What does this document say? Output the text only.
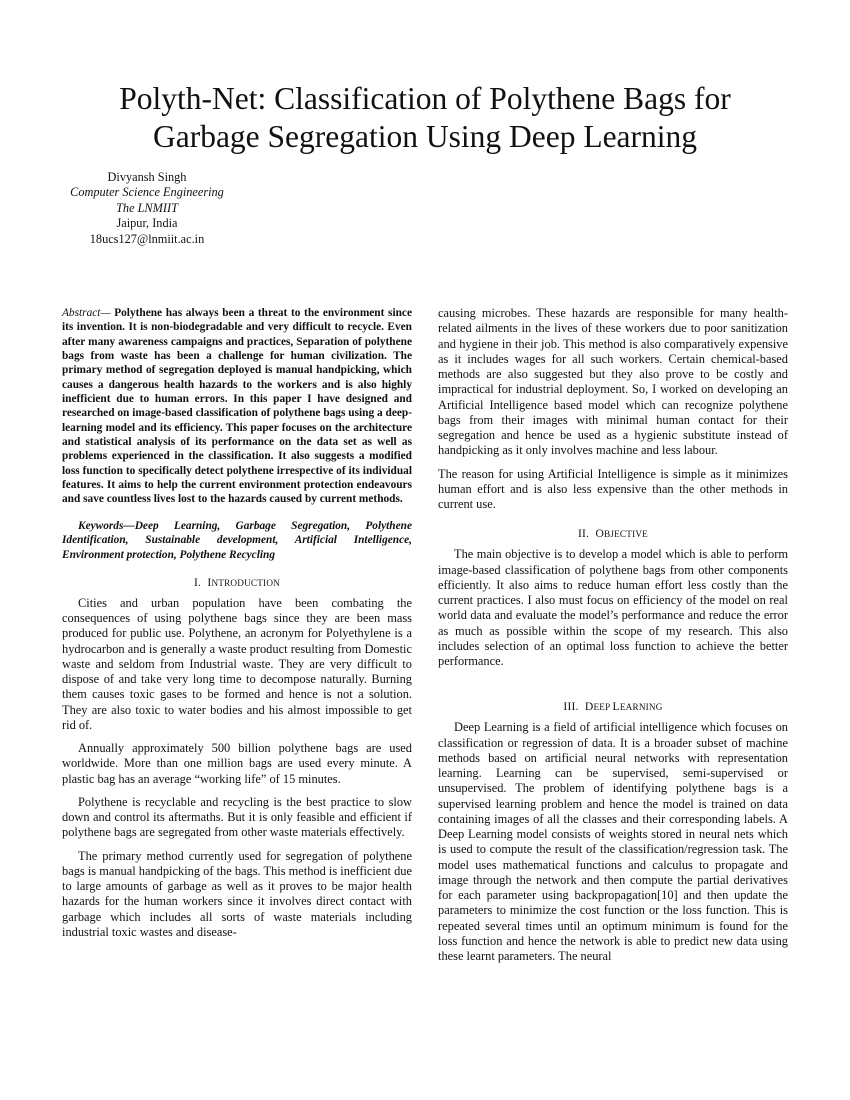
Polyth-Net: Classification of Polythene Bags for
Garbage Segregation Using Deep Learning
Divyansh Singh
Computer Science Engineering
The LNMIIT
Jaipur, India
18ucs127@lnmiit.ac.in

Abstract— Polythene has always been a threat to the environment since its invention. It is non-biodegradable and very difficult to recycle. Even after many awareness campaigns and practices, Separation of polythene bags from waste has been a challenge for human civilization. The primary method of segregation deployed is manual handpicking, which causes a dangerous health hazards to the workers and is also highly inefficient due to human errors. In this paper I have designed and researched on image-based classification of polythene bags using a deep-learning model and its efficiency. This paper focuses on the architecture and statistical analysis of its performance on the data set as well as problems experienced in the classification. It also suggests a modified loss function to specifically detect polythene irrespective of its individual features. It aims to help the current environment protection endeavours and save countless lives lost to the hazards caused by current methods.

Keywords—Deep Learning, Garbage Segregation, Polythene Identification, Sustainable development, Artificial Intelligence, Environment protection, Polythene Recycling

I. INTRODUCTION

Cities and urban population have been combating the consequences of using polythene bags since they are been mass produced for public use. Polythene, an acronym for Polyethylene is a hydrocarbon and is generally a waste product resulting from Domestic waste and seldom from Industrial waste. They are very difficult to dispose of and take very long time to decompose naturally. Burning them causes toxic gases to be formed and hence is not a solution. They are also toxic to water bodies and his almost impossible to get rid of.

Annually approximately 500 billion polythene bags are used worldwide. More than one million bags are used every minute. A plastic bag has an average “working life” of 15 minutes.

Polythene is recyclable and recycling is the best practice to slow down and control its aftermaths. But it is only feasible and efficient if polythene bags are segregated from other waste materials effectively.

The primary method currently used for segregation of polythene bags is manual handpicking of the bags. This method is inefficient due to large amounts of garbage as well as it proves to be major health hazards for the human workers since it involves direct contact with garbage which includes all sorts of waste materials including industrial toxic wastes and disease-

causing microbes. These hazards are responsible for many health-related ailments in the lives of these workers due to poor sanitization and hygiene in their job. This method is also comparatively expensive as it includes wages for all such workers. Certain chemical-based methods are also suggested but they also prove to be costly and impractical for industrial deployment. So, I worked on developing an Artificial Intelligence based model which can recognize polythene bags from their images with minimal human contact for their segregation and hence be used as a hygienic substitute instead of handpicking as it only involves machine and less labour.

The reason for using Artificial Intelligence is simple as it minimizes human effort and is also less expensive than the other methods in current use.

II. OBJECTIVE

The main objective is to develop a model which is able to perform image-based classification of polythene bags from other components efficiently. It also aims to reduce human effort less costly than the current practices. I also must focus on efficiency of the model on real world data and evaluate the model’s performance and reduce the error as much as possible within the scope of my research. This also includes selection of an optimal loss function to achieve the better performance.

III. DEEP LEARNING

Deep Learning is a field of artificial intelligence which focuses on classification or regression of data. It is a broader subset of machine methods based on artificial neural networks with representation learning. Learning can be supervised, semi-supervised or unsupervised. The problem of identifying polythene bags is a supervised learning problem and hence the model is trained on data containing images of all the classes and their corresponding labels. A Deep Learning model consists of weights stored in neural nets which is used to compute the result of the classification/regression task. The model uses mathematical functions and calculus to propagate and image through the network and then compute the partial derivatives for each parameter using backpropagation[10] and then update the parameters to minimize the cost function or the loss function. This is repeated several times until an optimum minimum is found for the loss function and hence the network is able to predict new data using these learnt parameters. The neural
